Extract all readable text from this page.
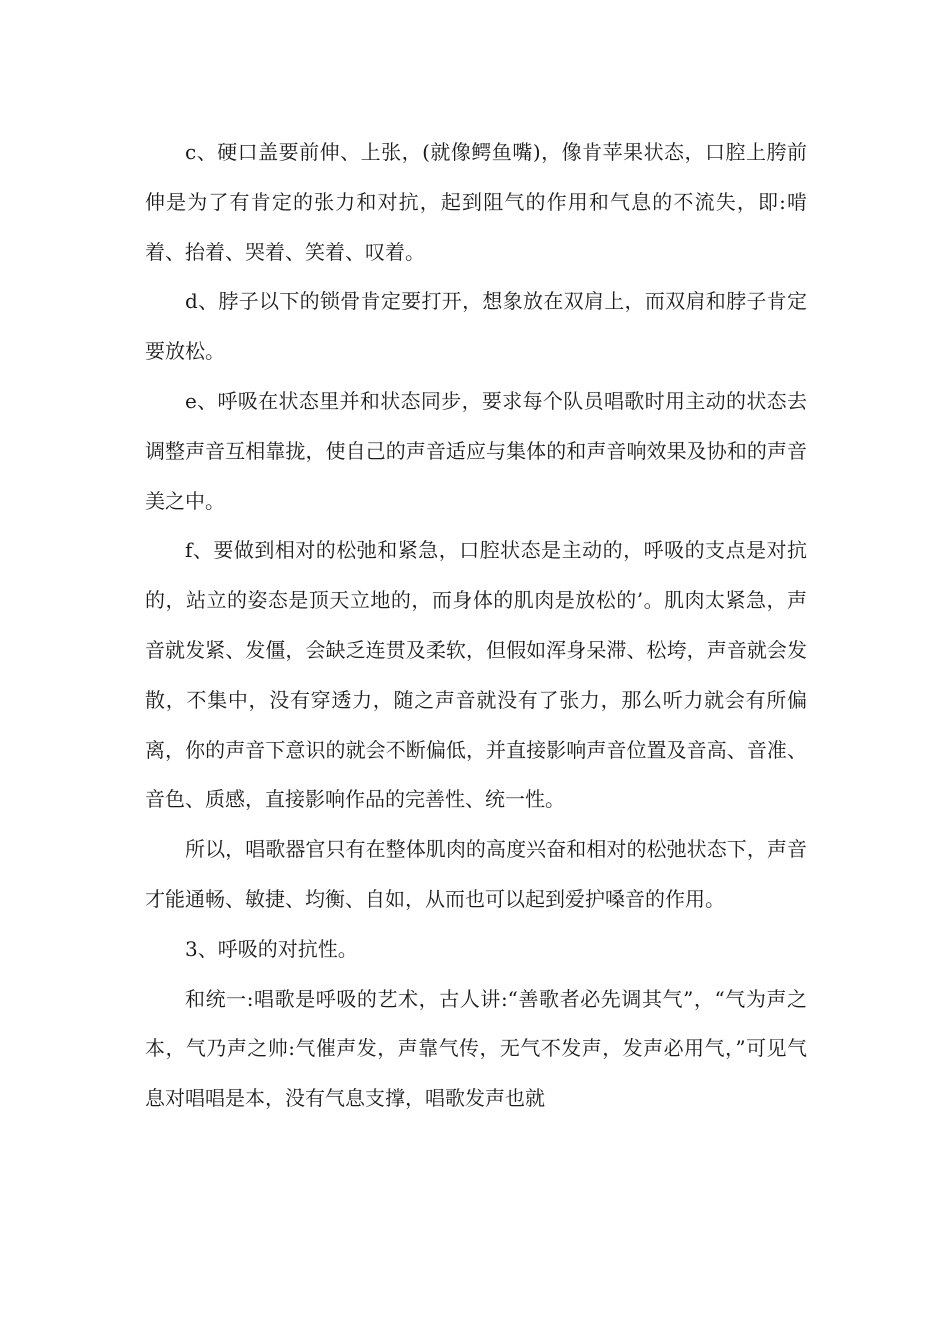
c、硬口盖要前伸、上张，(就像鳄鱼嘴)，像肯苹果状态，口腔上胯前伸是为了有肯定的张力和对抗，起到阻气的作用和气息的不流失，即:啃着、抬着、哭着、笑着、叹着。

d、脖子以下的锁骨肯定要打开，想象放在双肩上，而双肩和脖子肯定要放松。

e、呼吸在状态里并和状态同步，要求每个队员唱歌时用主动的状态去调整声音互相靠拢，使自己的声音适应与集体的和声音响效果及协和的声音美之中。

f、要做到相对的松弛和紧急，口腔状态是主动的，呼吸的支点是对抗的，站立的姿态是顶天立地的，而身体的肌肉是放松的’。肌肉太紧急，声音就发紧、发僵，会缺乏连贯及柔软，但假如浑身呆滞、松垮，声音就会发散，不集中，没有穿透力，随之声音就没有了张力，那么听力就会有所偏离，你的声音下意识的就会不断偏低，并直接影响声音位置及音高、音准、音色、质感，直接影响作品的完善性、统一性。

所以，唱歌器官只有在整体肌肉的高度兴奋和相对的松弛状态下，声音才能通畅、敏捷、均衡、自如，从而也可以起到爱护嗓音的作用。

3、呼吸的对抗性。

和统一:唱歌是呼吸的艺术，古人讲:“善歌者必先调其气”，“气为声之本，气乃声之帅:气催声发，声靠气传，无气不发声，发声必用气，”可见气息对唱唱是本，没有气息支撑，唱歌发声也就
